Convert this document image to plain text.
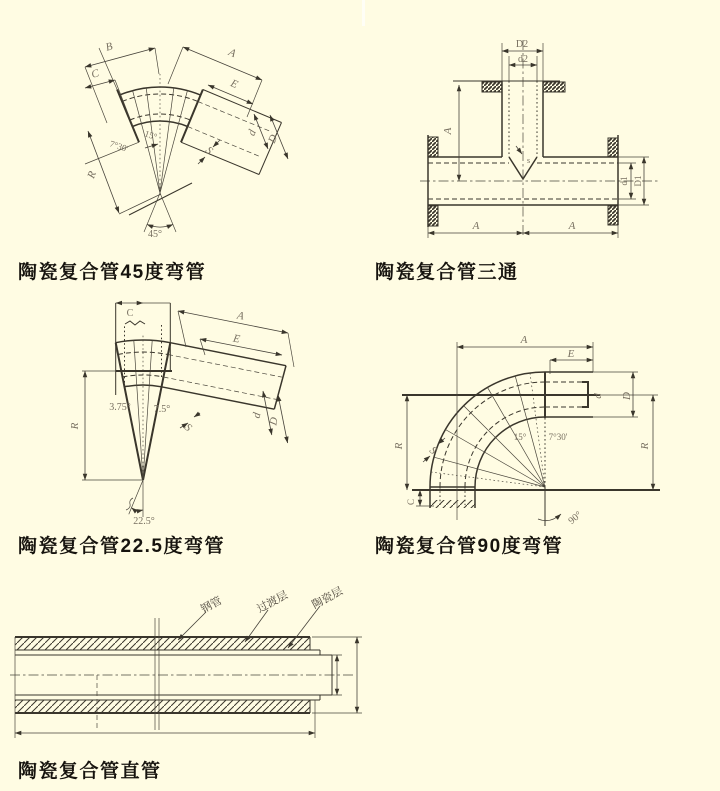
B
C
A
E
R
S
d
D
7°30'
15°
45°
陶瓷复合管45度弯管
D2
d2
A
s
d1 D1
A	A
陶瓷复合管三通
C	A
E
R	S
d
D
3.75° 7.5°
22.5°
陶瓷复合管22.5度弯管
A
E
d D
R	R
S
C
15° 7°30'
90°
陶瓷复合管90度弯管
钢管	过渡层 陶瓷层
陶瓷复合管直管
